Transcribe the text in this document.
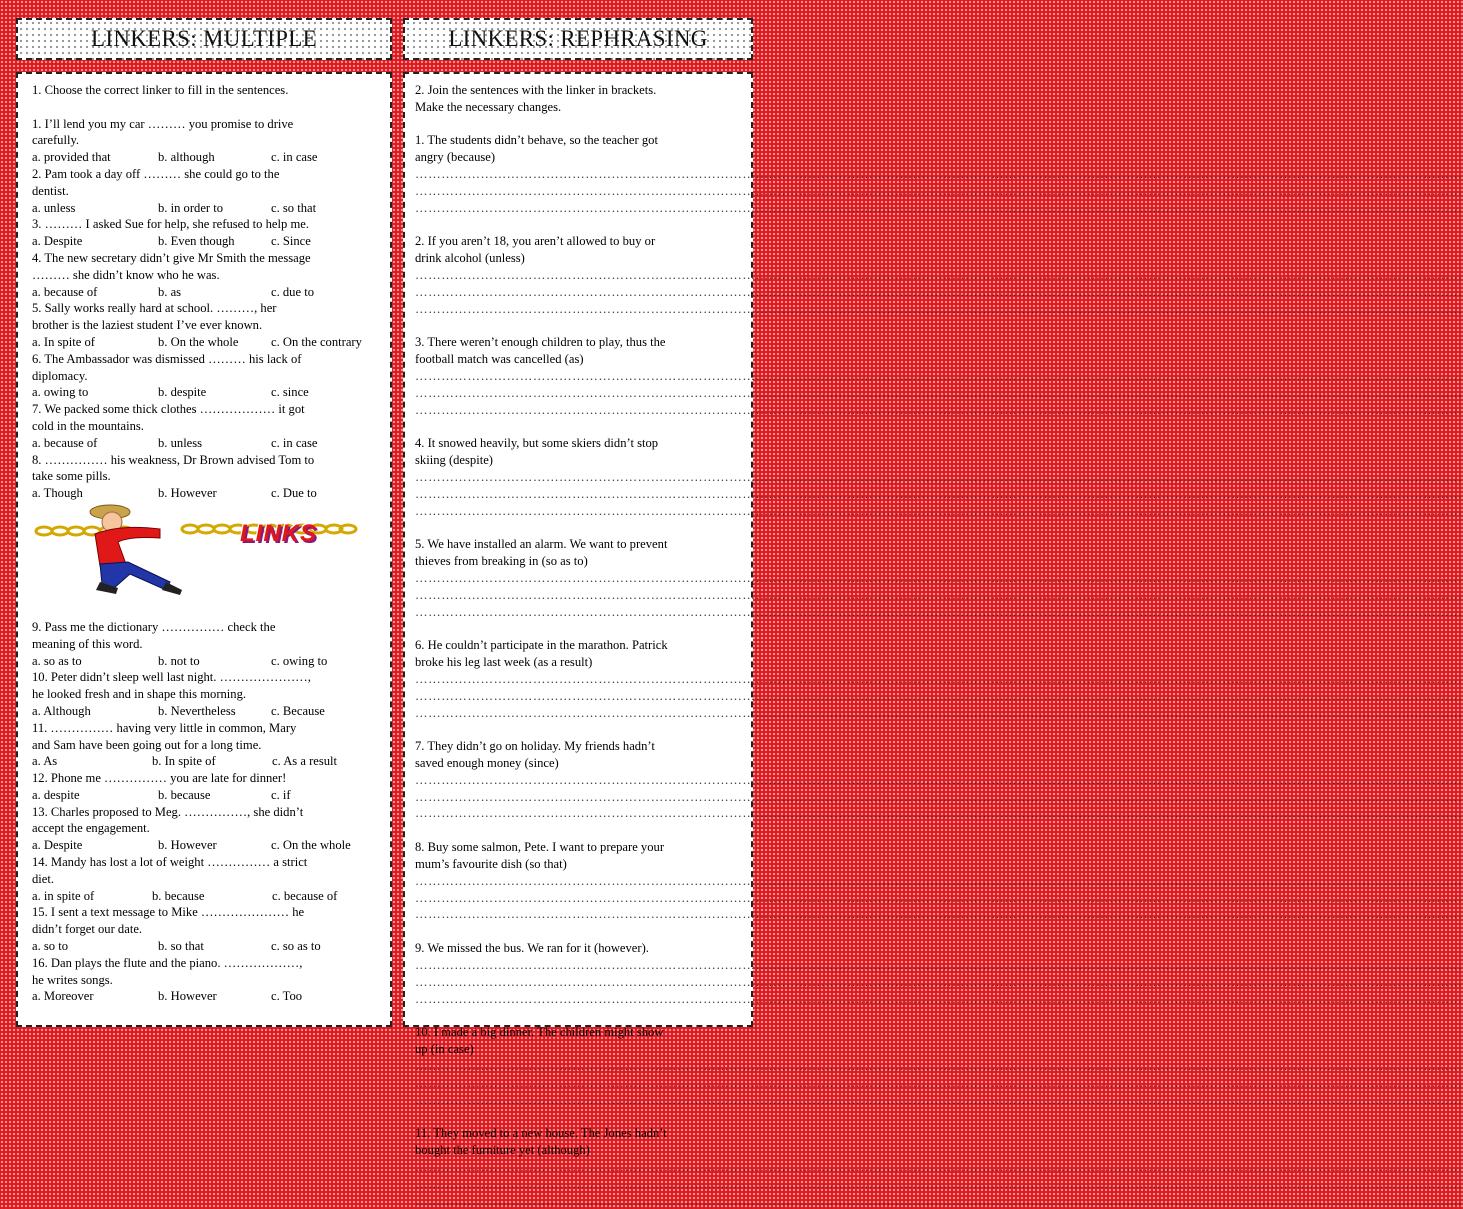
LINKERS: MULTIPLE
1. Choose the correct linker to fill in the sentences.
1. I’ll lend you my car ……… you promise to drive
carefully.
a. provided that	b. although	c. in case
2. Pam took a day off ……… she could go to the
dentist.
a. unless	b. in order to	c. so that
3. ……… I asked Sue for help, she refused to help me.
a. Despite	b. Even though	c. Since
4. The new secretary didn’t give Mr Smith the message
……… she didn’t know who he was.
a. because of	b. as	c. due to
5. Sally works really hard at school. ………, her
brother is the laziest student I’ve ever known.
a. In spite of	b. On the whole	c. On the contrary
6. The Ambassador was dismissed ……… his lack of
diplomacy.
a. owing to	b. despite	c. since
7. We packed some thick clothes ……………… it got
cold in the mountains.
a. because of	b. unless	c. in case
8. …………… his weakness, Dr Brown advised Tom to
take some pills.
a. Though	b. However	c. Due to
LINKS
9. Pass me the dictionary …………… check the
meaning of this word.
a. so as to	b. not to	c. owing to
10. Peter didn’t sleep well last night. …………………,
he looked fresh and in shape this morning.
a. Although	b. Nevertheless	c. Because
11. …………… having very little in common, Mary
and Sam have been going out for a long time.
a. As	b. In spite of	c. As a result
12. Phone me …………… you are late for dinner!
a. despite	b. because	c. if
13. Charles proposed to Meg. ……………, she didn’t
accept the engagement.
a. Despite	b. However	c. On the whole
14. Mandy has lost a lot of weight …………… a strict
diet.
a. in spite of	b. because	c. because of
15. I sent a text message to Mike ………………… he
didn’t forget our date.
a. so to	b. so that	c. so as to
16. Dan plays the flute and the piano. ………………,
he writes songs.
a. Moreover	b. However	c. Too
LINKERS: REPHRASING
2. Join the sentences with the linker in brackets.
Make the necessary changes.
1. The students didn’t behave, so the teacher got
angry (because)
……………………………………………………………………………………………………………………………………………………………………………………………………………………
……………………………………………………………………………………………………………………………………………………………………………………………………………………
……………………………………………………………………………………………………………………………………………………………………………………………………………………
2. If you aren’t 18, you aren’t allowed to buy or
drink alcohol (unless)
……………………………………………………………………………………………………………………………………………………………………………………………………………………
……………………………………………………………………………………………………………………………………………………………………………………………………………………
……………………………………………………………………………………………………………………………………………………………………………………………………………………
3. There weren’t enough children to play, thus the
football match was cancelled (as)
……………………………………………………………………………………………………………………………………………………………………………………………………………………
……………………………………………………………………………………………………………………………………………………………………………………………………………………
……………………………………………………………………………………………………………………………………………………………………………………………………………………
4. It snowed heavily, but some skiers didn’t stop
skiing (despite)
……………………………………………………………………………………………………………………………………………………………………………………………………………………
……………………………………………………………………………………………………………………………………………………………………………………………………………………
……………………………………………………………………………………………………………………………………………………………………………………………………………………
5. We have installed an alarm. We want to prevent
thieves from breaking in (so as to)
……………………………………………………………………………………………………………………………………………………………………………………………………………………
……………………………………………………………………………………………………………………………………………………………………………………………………………………
……………………………………………………………………………………………………………………………………………………………………………………………………………………
6. He couldn’t participate in the marathon. Patrick
broke his leg last week (as a result)
……………………………………………………………………………………………………………………………………………………………………………………………………………………
……………………………………………………………………………………………………………………………………………………………………………………………………………………
……………………………………………………………………………………………………………………………………………………………………………………………………………………
7. They didn’t go on holiday. My friends hadn’t
saved enough money (since)
……………………………………………………………………………………………………………………………………………………………………………………………………………………
……………………………………………………………………………………………………………………………………………………………………………………………………………………
……………………………………………………………………………………………………………………………………………………………………………………………………………………
8. Buy some salmon, Pete. I want to prepare your
mum’s favourite dish (so that)
……………………………………………………………………………………………………………………………………………………………………………………………………………………
……………………………………………………………………………………………………………………………………………………………………………………………………………………
……………………………………………………………………………………………………………………………………………………………………………………………………………………
9. We missed the bus. We ran for it (however).
……………………………………………………………………………………………………………………………………………………………………………………………………………………
……………………………………………………………………………………………………………………………………………………………………………………………………………………
……………………………………………………………………………………………………………………………………………………………………………………………………………………
10. I made a big dinner. The children might show
up (in case)
……………………………………………………………………………………………………………………………………………………………………………………………………………………
……………………………………………………………………………………………………………………………………………………………………………………………………………………
……………………………………………………………………………………………………………………………………………………………………………………………………………………
11. They moved to a new house. The Jones hadn’t
bought the furniture yet (although)
……………………………………………………………………………………………………………………………………………………………………………………………………………………
……………………………………………………………………………………………………………………………………………………………………………………………………………………
……………………………………………………………………………………………………………………………………………………………………………………………………………………
